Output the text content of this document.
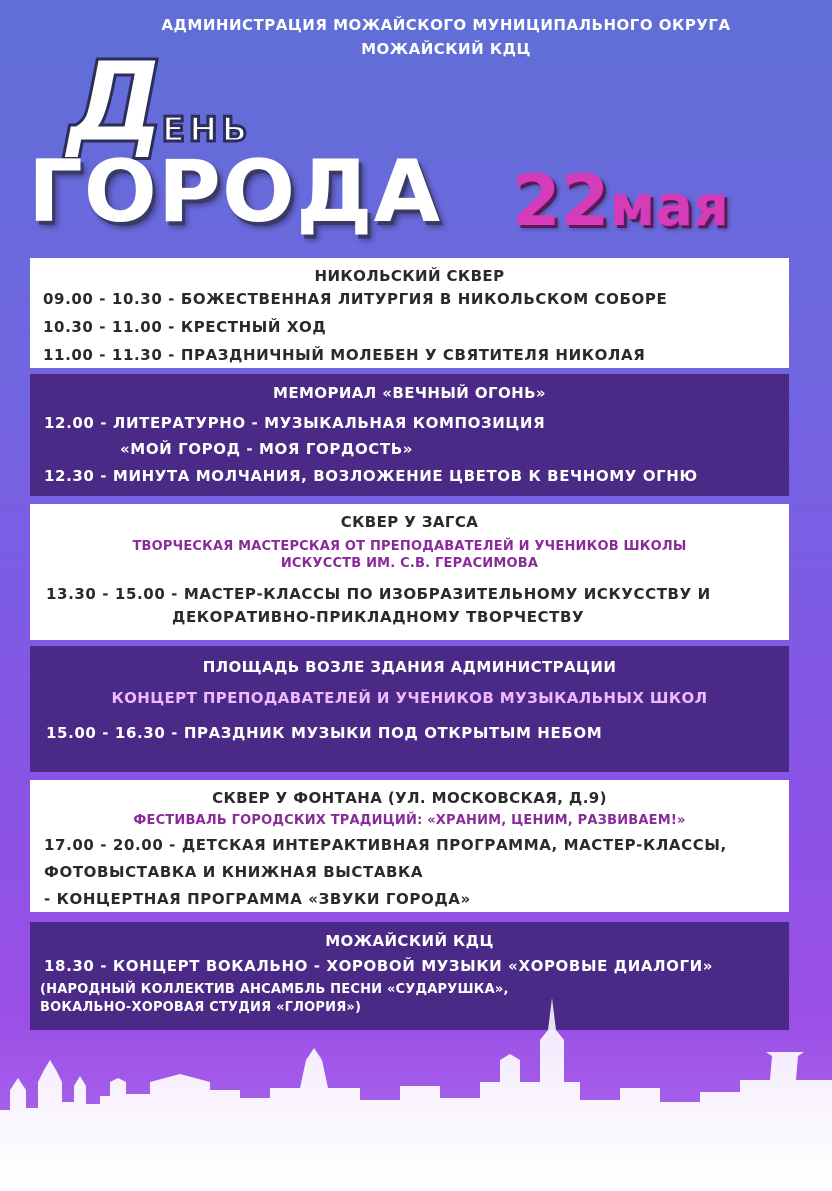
АДМИНИСТРАЦИЯ МОЖАЙСКОГО МУНИЦИПАЛЬНОГО ОКРУГА
МОЖАЙСКИЙ КДЦ
ДЕНЬ
ГОРОДА 22мая
НИКОЛЬСКИЙ СКВЕР
09.00 - 10.30 - БОЖЕСТВЕННАЯ ЛИТУРГИЯ В НИКОЛЬСКОМ СОБОРЕ
10.30 - 11.00 - КРЕСТНЫЙ ХОД
11.00 - 11.30 - ПРАЗДНИЧНЫЙ МОЛЕБЕН У СВЯТИТЕЛЯ НИКОЛАЯ
МЕМОРИАЛ «ВЕЧНЫЙ ОГОНЬ»
12.00 - ЛИТЕРАТУРНО - МУЗЫКАЛЬНАЯ КОМПОЗИЦИЯ
«МОЙ ГОРОД - МОЯ ГОРДОСТЬ»
12.30 - МИНУТА МОЛЧАНИЯ, ВОЗЛОЖЕНИЕ ЦВЕТОВ К ВЕЧНОМУ ОГНЮ
СКВЕР У ЗАГСА
ТВОРЧЕСКАЯ МАСТЕРСКАЯ ОТ ПРЕПОДАВАТЕЛЕЙ И УЧЕНИКОВ ШКОЛЫ
ИСКУССТВ ИМ. С.В. ГЕРАСИМОВА
13.30 - 15.00 - МАСТЕР-КЛАССЫ ПО ИЗОБРАЗИТЕЛЬНОМУ ИСКУССТВУ И
ДЕКОРАТИВНО-ПРИКЛАДНОМУ ТВОРЧЕСТВУ
ПЛОЩАДЬ ВОЗЛЕ ЗДАНИЯ АДМИНИСТРАЦИИ
КОНЦЕРТ ПРЕПОДАВАТЕЛЕЙ И УЧЕНИКОВ МУЗЫКАЛЬНЫХ ШКОЛ
15.00 - 16.30 - ПРАЗДНИК МУЗЫКИ ПОД ОТКРЫТЫМ НЕБОМ
СКВЕР У ФОНТАНА (УЛ. МОСКОВСКАЯ, Д.9)
ФЕСТИВАЛЬ ГОРОДСКИХ ТРАДИЦИЙ: «ХРАНИМ, ЦЕНИМ, РАЗВИВАЕМ!»
17.00 - 20.00 - ДЕТСКАЯ ИНТЕРАКТИВНАЯ ПРОГРАММА, МАСТЕР-КЛАССЫ,
ФОТОВЫСТАВКА И КНИЖНАЯ ВЫСТАВКА
- КОНЦЕРТНАЯ ПРОГРАММА «ЗВУКИ ГОРОДА»
МОЖАЙСКИЙ КДЦ
18.30 - КОНЦЕРТ ВОКАЛЬНО - ХОРОВОЙ МУЗЫКИ «ХОРОВЫЕ ДИАЛОГИ»
(НАРОДНЫЙ КОЛЛЕКТИВ АНСАМБЛЬ ПЕСНИ «СУДАРУШКА»,
ВОКАЛЬНО-ХОРОВАЯ СТУДИЯ «ГЛОРИЯ»)
